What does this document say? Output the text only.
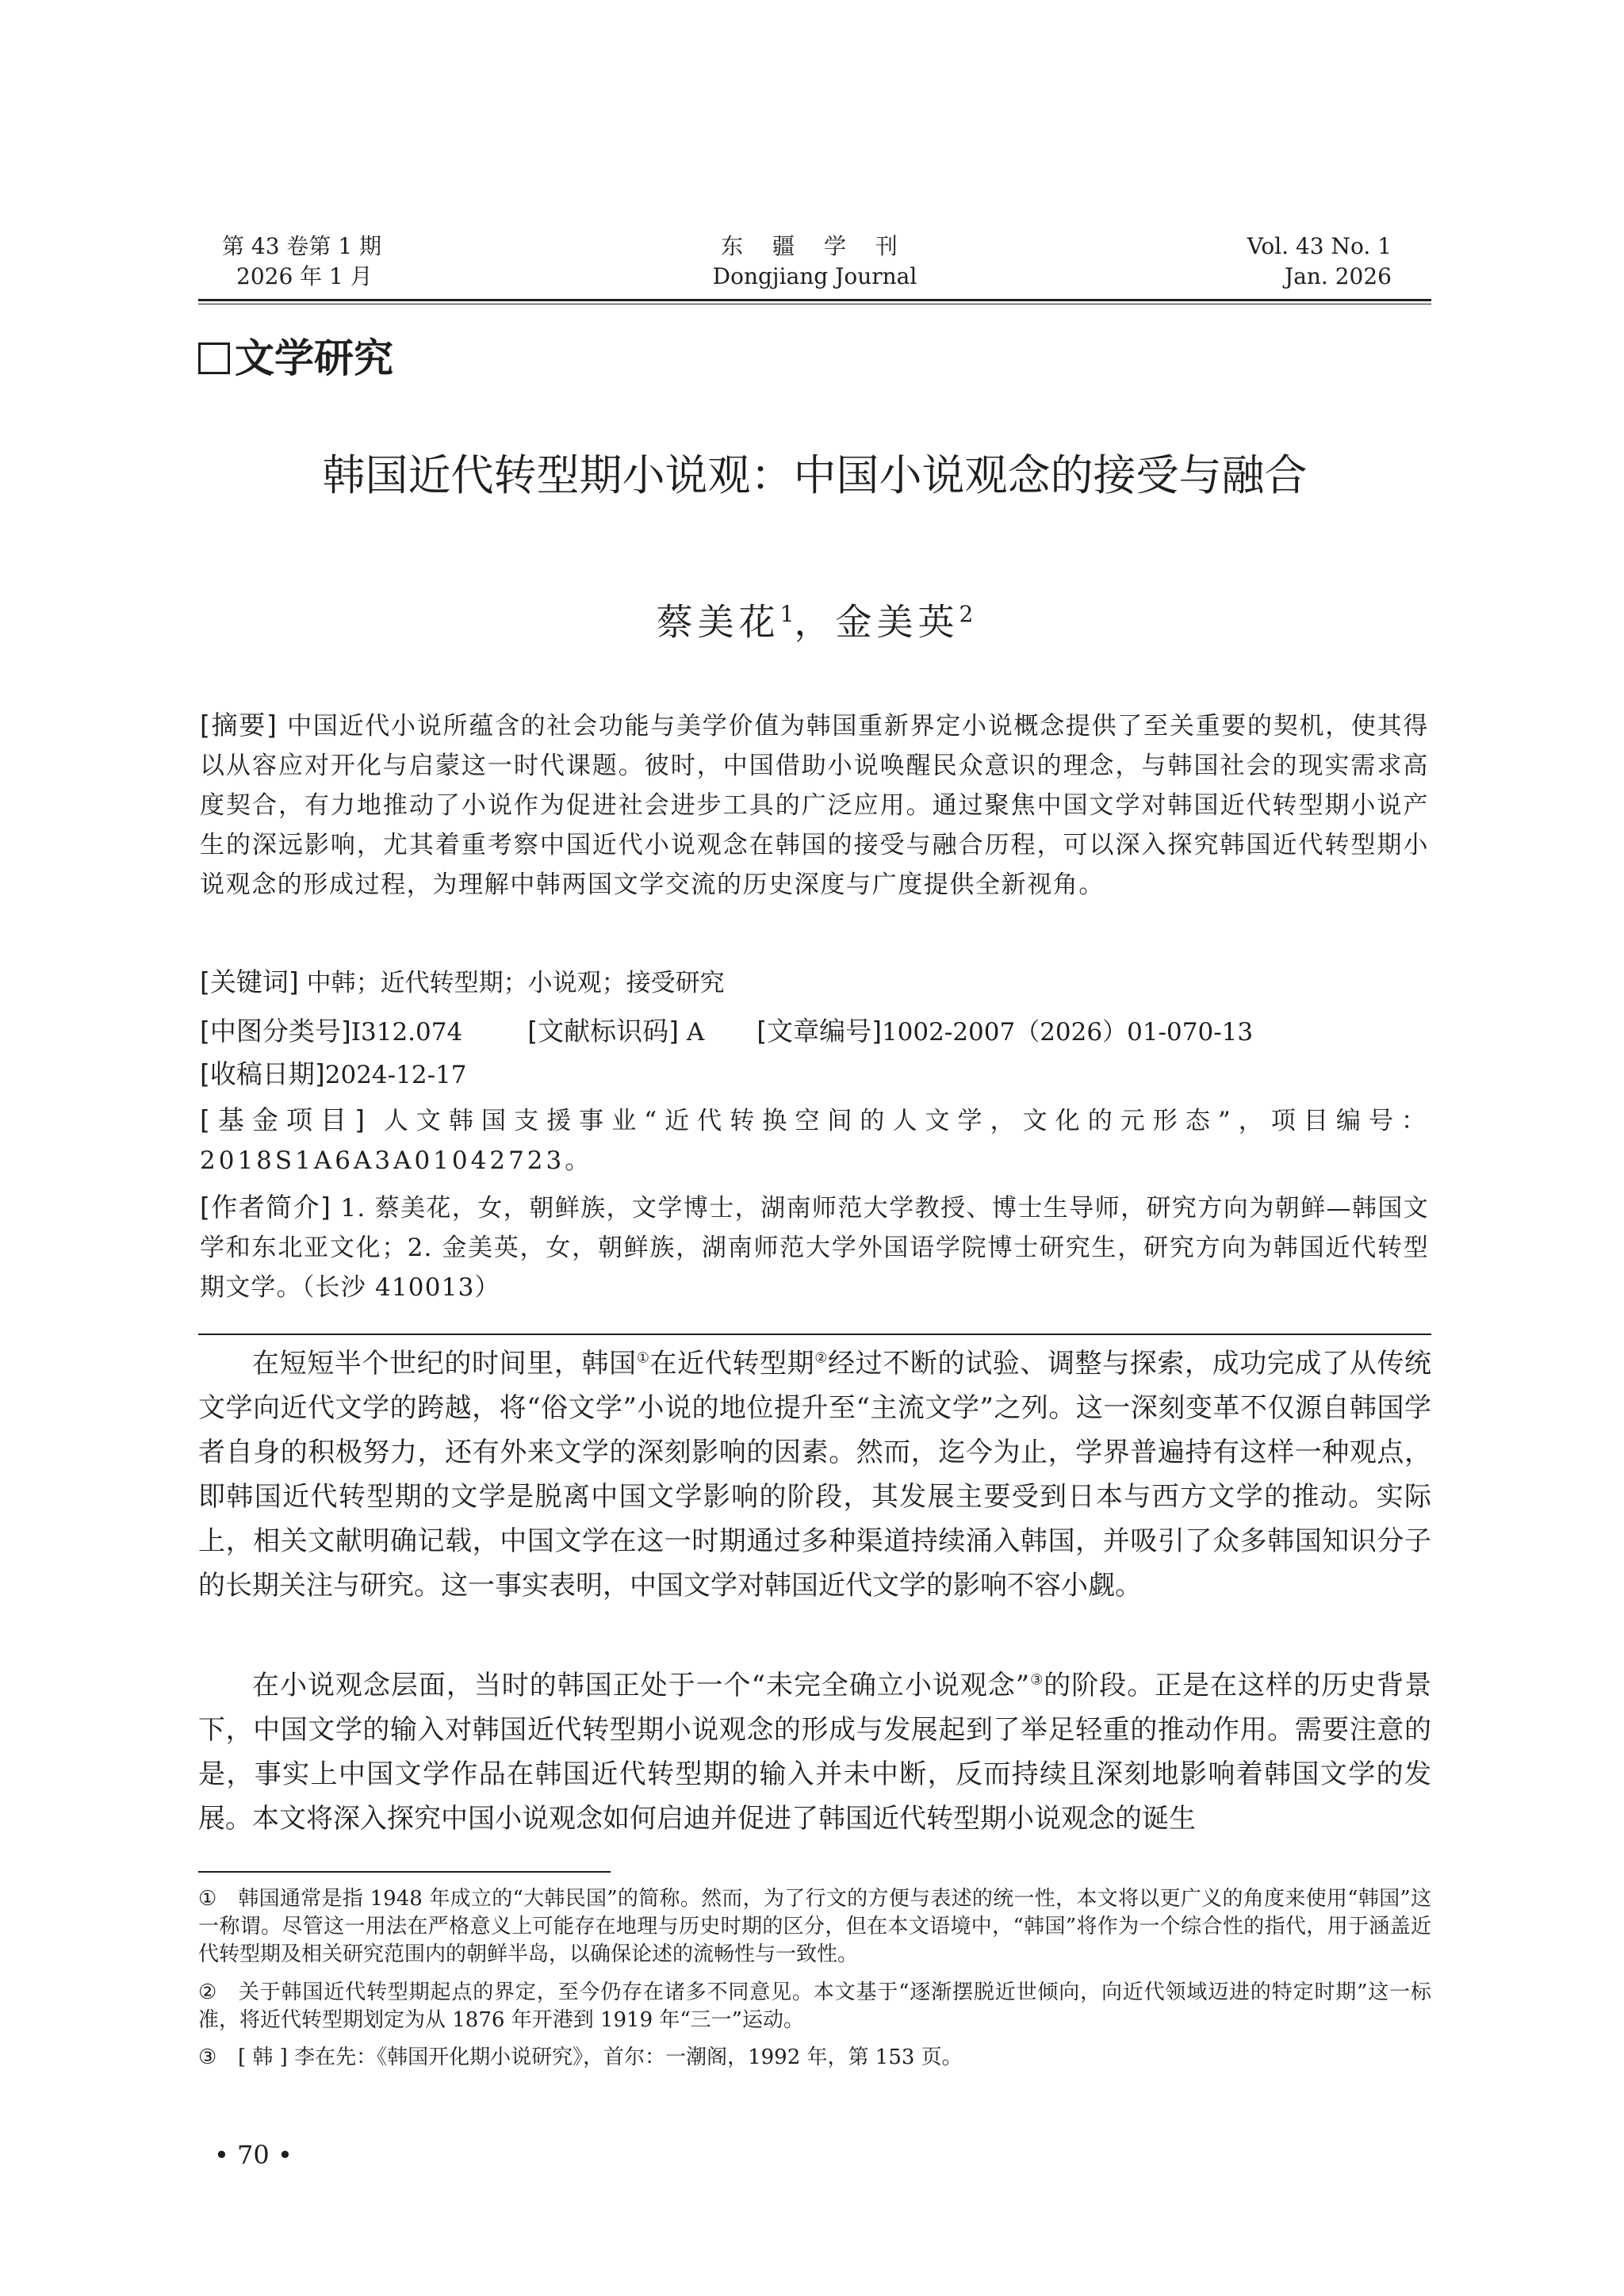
第 43 卷第 1 期
2026 年 1 月
东 疆 学 刊
Dongjiang Journal
Vol. 43 No. 1
Jan. 2026
文学研究
韩国近代转型期小说观：中国小说观念的接受与融合
蔡美花$^1$，金美英$^2$
[摘要] 中国近代小说所蕴含的社会功能与美学价值为韩国重新界定小说概念提供了至关重要的契机，使其得以从容应对开化与启蒙这一时代课题。彼时，中国借助小说唤醒民众意识的理念，与韩国社会的现实需求高度契合，有力地推动了小说作为促进社会进步工具的广泛应用。通过聚焦中国文学对韩国近代转型期小说产生的深远影响，尤其着重考察中国近代小说观念在韩国的接受与融合历程，可以深入探究韩国近代转型期小说观念的形成过程，为理解中韩两国文学交流的历史深度与广度提供全新视角。
[关键词] 中韩；近代转型期；小说观；接受研究
[中图分类号]I312.074 [文献标识码] A [文章编号]1002-2007（2026）01-070-13
[收稿日期]2024-12-17
[基金项目] 人文韩国支援事业“近代转换空间的人文学，文化的元形态”，项目编号：2018S1A6A3A01042723。
[作者简介] 1. 蔡美花，女，朝鲜族，文学博士，湖南师范大学教授、博士生导师，研究方向为朝鲜—韩国文学和东北亚文化；2. 金美英，女，朝鲜族，湖南师范大学外国语学院博士研究生，研究方向为韩国近代转型期文学。（长沙 410013）
在短短半个世纪的时间里，韩国①在近代转型期②经过不断的试验、调整与探索，成功完成了从传统文学向近代文学的跨越，将“俗文学”小说的地位提升至“主流文学”之列。这一深刻变革不仅源自韩国学者自身的积极努力，还有外来文学的深刻影响的因素。然而，迄今为止，学界普遍持有这样一种观点，即韩国近代转型期的文学是脱离中国文学影响的阶段，其发展主要受到日本与西方文学的推动。实际上，相关文献明确记载，中国文学在这一时期通过多种渠道持续涌入韩国，并吸引了众多韩国知识分子的长期关注与研究。这一事实表明，中国文学对韩国近代文学的影响不容小觑。
在小说观念层面，当时的韩国正处于一个“未完全确立小说观念”③的阶段。正是在这样的历史背景下，中国文学的输入对韩国近代转型期小说观念的形成与发展起到了举足轻重的推动作用。需要注意的是，事实上中国文学作品在韩国近代转型期的输入并未中断，反而持续且深刻地影响着韩国文学的发展。本文将深入探究中国小说观念如何启迪并促进了韩国近代转型期小说观念的诞生
① 韩国通常是指 1948 年成立的“大韩民国”的简称。然而，为了行文的方便与表述的统一性，本文将以更广义的角度来使用“韩国”这一称谓。尽管这一用法在严格意义上可能存在地理与历史时期的区分，但在本文语境中，“韩国”将作为一个综合性的指代，用于涵盖近代转型期及相关研究范围内的朝鲜半岛，以确保论述的流畅性与一致性。
② 关于韩国近代转型期起点的界定，至今仍存在诸多不同意见。本文基于“逐渐摆脱近世倾向，向近代领域迈进的特定时期”这一标准，将近代转型期划定为从 1876 年开港到 1919 年“三一”运动。
③ [ 韩 ] 李在先：《韩国开化期小说研究》，首尔：一潮阁，1992 年，第 153 页。
• 70 •
